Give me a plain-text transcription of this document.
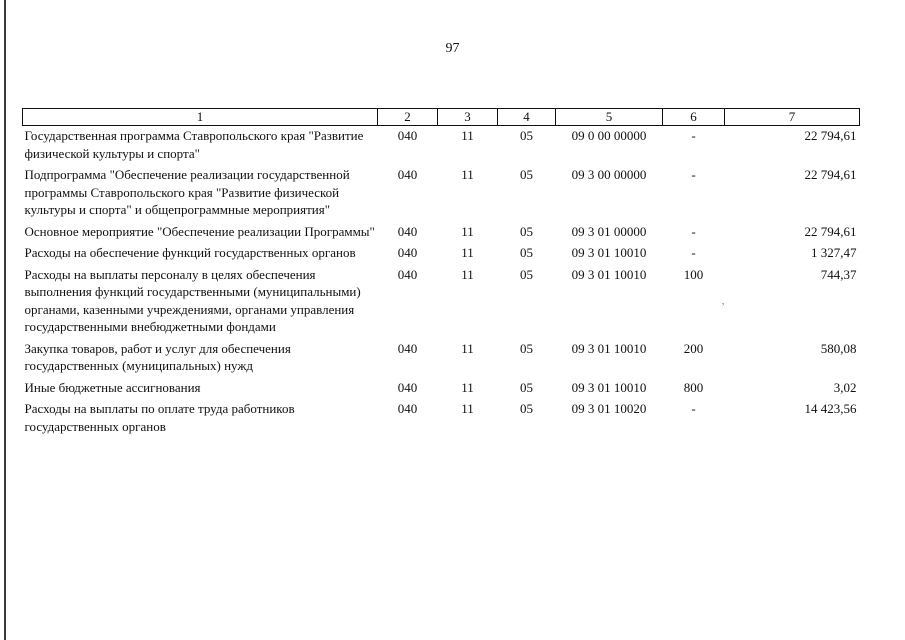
97
,
1	2	3	4	5	6	7
Государственная программа Ставропольского края "Развитие физической культуры и спорта"	040	11	05	09 0 00 00000	-	22 794,61
Подпрограмма "Обеспечение реализации государственной программы Ставропольского края "Развитие физической культуры и спорта" и общепрограммные мероприятия"	040	11	05	09 3 00 00000	-	22 794,61
Основное мероприятие "Обеспечение реализации Программы"	040	11	05	09 3 01 00000	-	22 794,61
Расходы на обеспечение функций государственных органов	040	11	05	09 3 01 10010	-	1 327,47
Расходы на выплаты персоналу в целях обеспечения выполнения функций государственными (муниципальными) органами, казенными учреждениями, органами управления государственными внебюджетными фондами	040	11	05	09 3 01 10010	100	744,37
Закупка товаров, работ и услуг для обеспечения государственных (муниципальных) нужд	040	11	05	09 3 01 10010	200	580,08
Иные бюджетные ассигнования	040	11	05	09 3 01 10010	800	3,02
Расходы на выплаты по оплате труда работников государственных органов	040	11	05	09 3 01 10020	-	14 423,56
